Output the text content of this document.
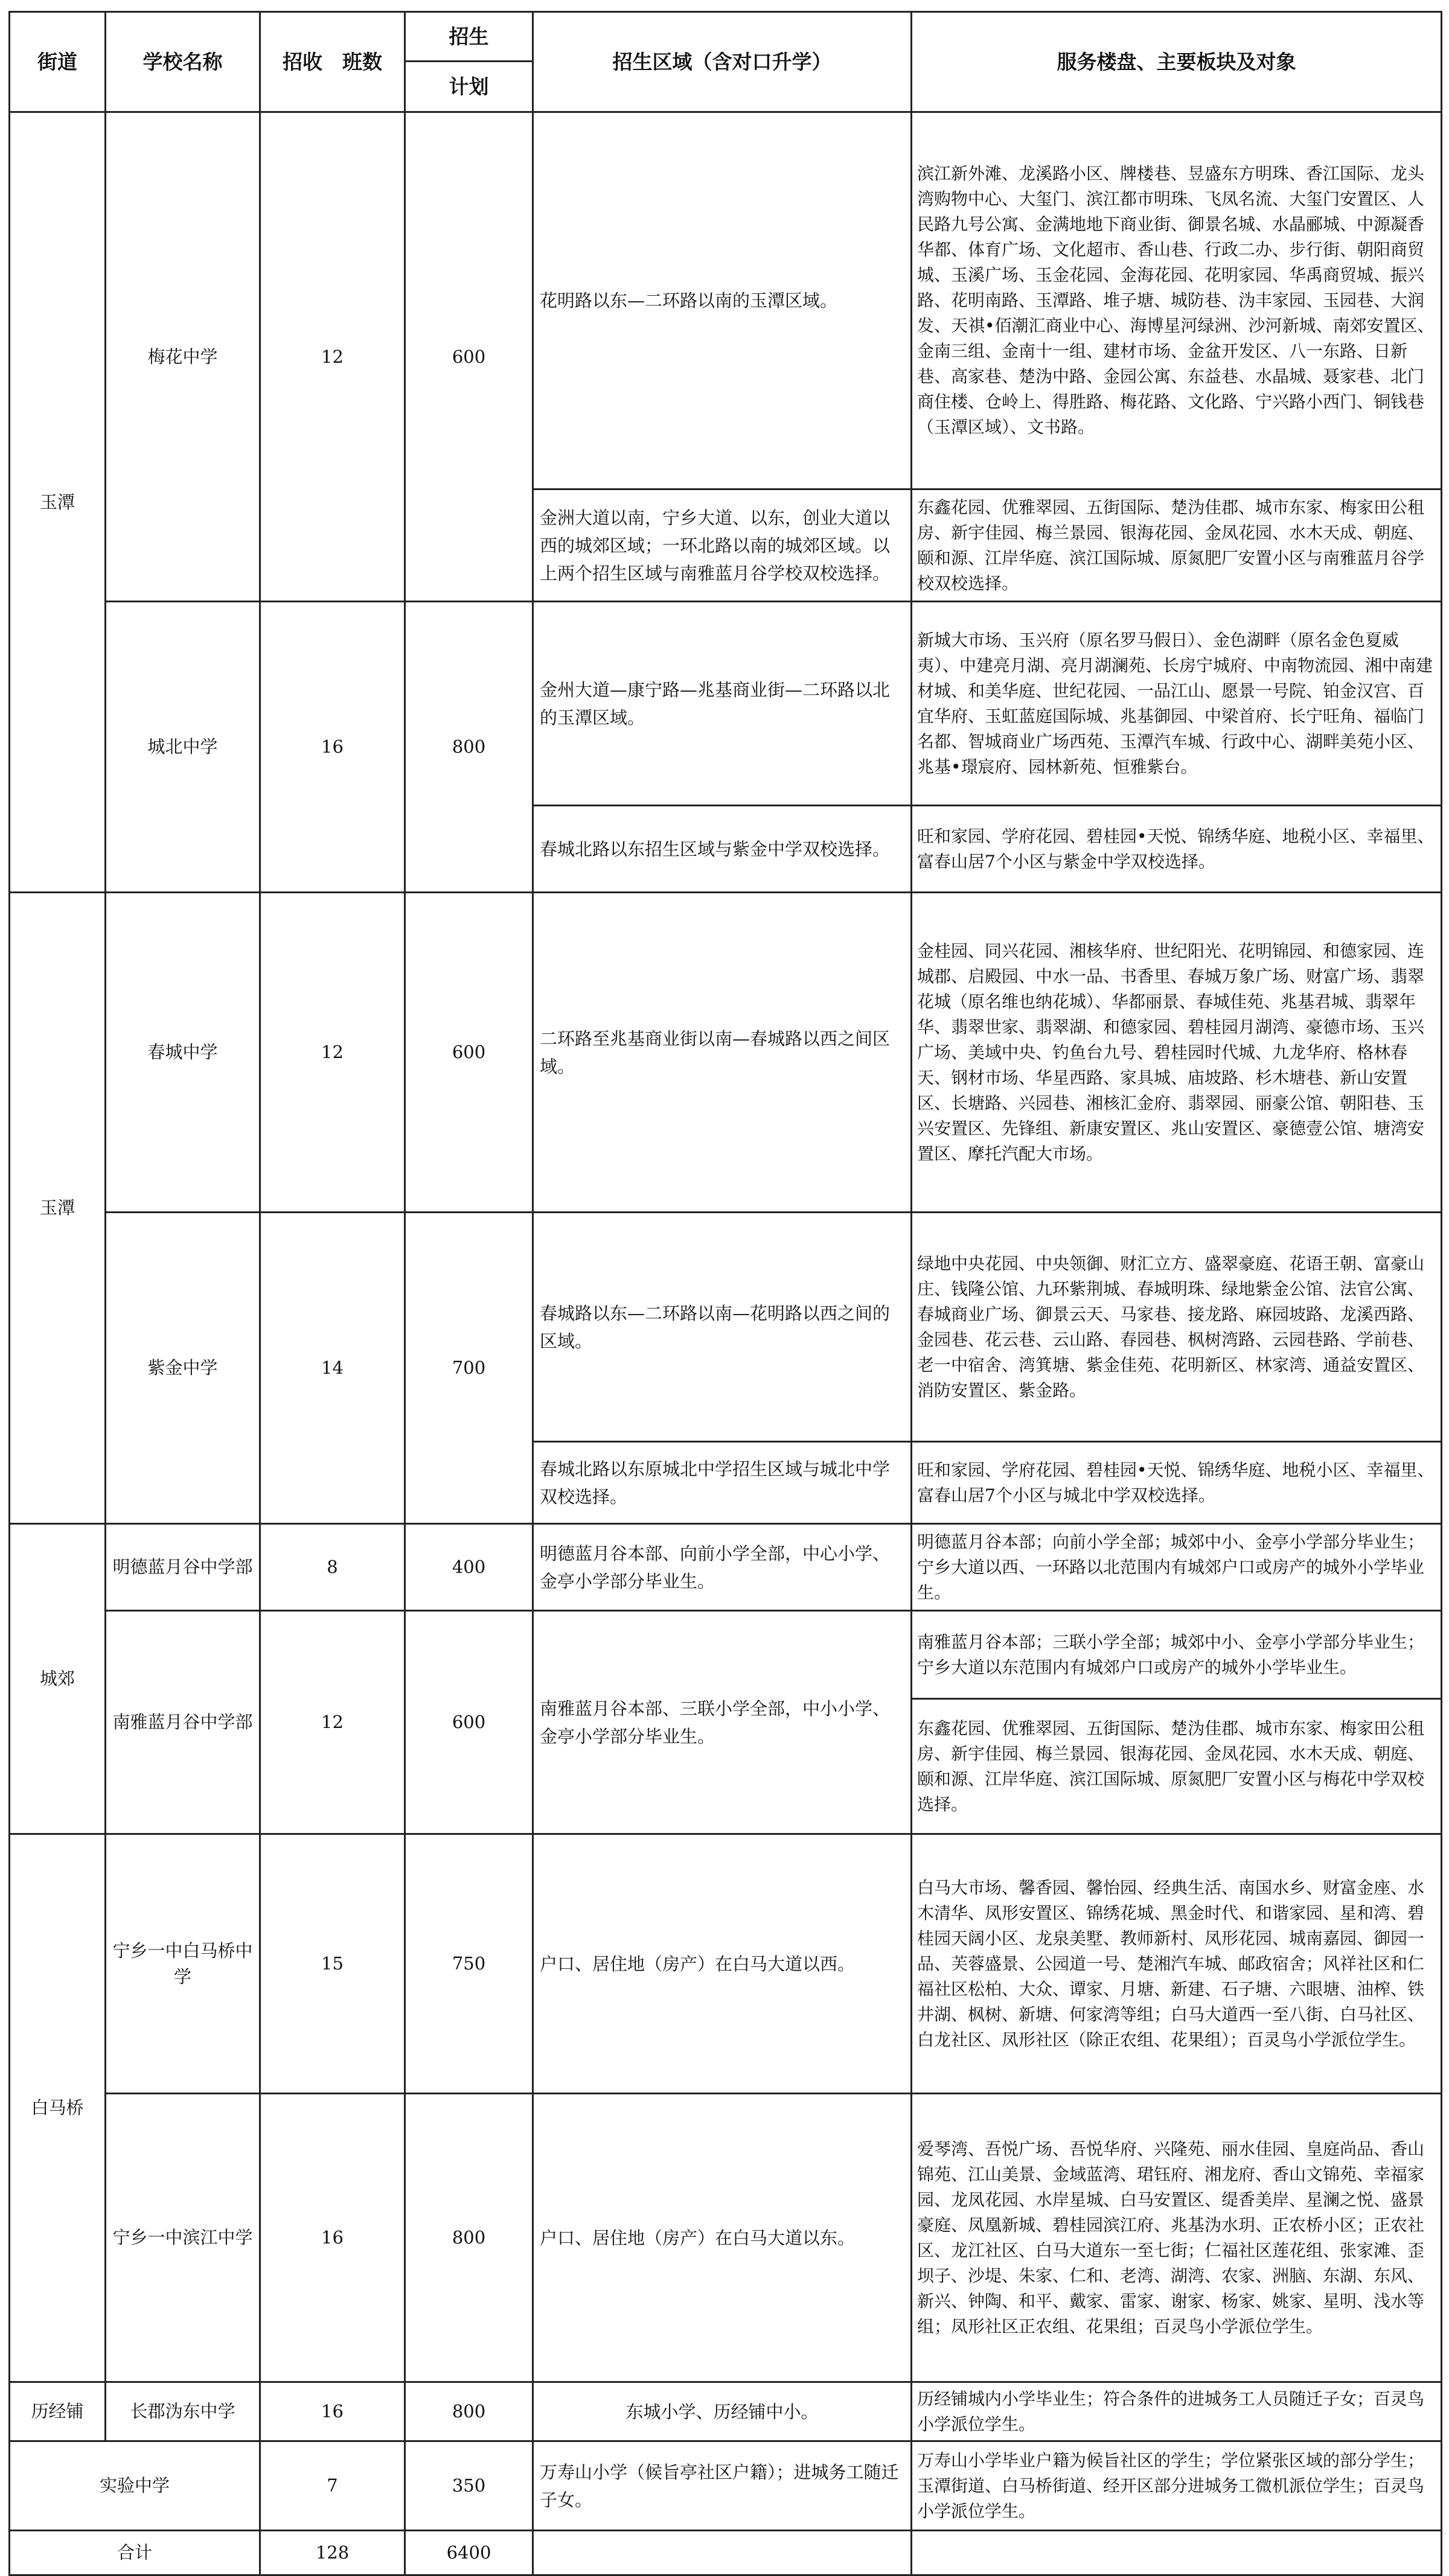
街道	学校名称	招收　班数	招生	招生区域（含对口升学）	服务楼盘、主要板块及对象
			计划		
玉潭	梅花中学	12	600	花明路以东—二环路以南的玉潭区域。	滨江新外滩、龙溪路小区、牌楼巷、昱盛东方明珠、香江国际、龙头湾购物中心、大玺门、滨江都市明珠、飞凤名流、大玺门安置区、人民路九号公寓、金满地地下商业街、御景名城、水晶郦城、中源凝香华都、体育广场、文化超市、香山巷、行政二办、步行街、朝阳商贸城、玉溪广场、玉金花园、金海花园、花明家园、华禹商贸城、振兴路、花明南路、玉潭路、堆子塘、城防巷、沩丰家园、玉园巷、大润发、天祺•佰潮汇商业中心、海博星河绿洲、沙河新城、南郊安置区、金南三组、金南十一组、建材市场、金盆开发区、八一东路、日新巷、高家巷、楚沩中路、金园公寓、东益巷、水晶城、聂家巷、北门商住楼、仓岭上、得胜路、梅花路、文化路、宁兴路小西门、铜钱巷（玉潭区域）、文书路。
				金洲大道以南，宁乡大道、以东，创业大道以西的城郊区域；一环北路以南的城郊区域。以上两个招生区域与南雅蓝月谷学校双校选择。	东鑫花园、优雅翠园、五街国际、楚沩佳郡、城市东家、梅家田公租房、新宇佳园、梅兰景园、银海花园、金凤花园、水木天成、朝庭、颐和源、江岸华庭、滨江国际城、原氮肥厂安置小区与南雅蓝月谷学校双校选择。
	城北中学	16	800	金州大道—康宁路—兆基商业街—二环路以北的玉潭区域。	新城大市场、玉兴府（原名罗马假日）、金色湖畔（原名金色夏威夷）、中建亮月湖、亮月湖澜苑、长房宁城府、中南物流园、湘中南建材城、和美华庭、世纪花园、一品江山、愿景一号院、铂金汉宫、百宜华府、玉虹蓝庭国际城、兆基御园、中梁首府、长宁旺角、福临门名都、智城商业广场西苑、玉潭汽车城、行政中心、湖畔美苑小区、兆基•璟宸府、园林新苑、恒雅紫台。
				春城北路以东招生区域与紫金中学双校选择。	旺和家园、学府花园、碧桂园•天悦、锦绣华庭、地税小区、幸福里、富春山居7个小区与紫金中学双校选择。
玉潭	春城中学	12	600	二环路至兆基商业街以南—春城路以西之间区域。	金桂园、同兴花园、湘核华府、世纪阳光、花明锦园、和德家园、连城郡、启殿园、中水一品、书香里、春城万象广场、财富广场、翡翠花城（原名维也纳花城）、华都丽景、春城佳苑、兆基君城、翡翠年华、翡翠世家、翡翠湖、和德家园、碧桂园月湖湾、豪德市场、玉兴广场、美域中央、钓鱼台九号、碧桂园时代城、九龙华府、格林春天、钢材市场、华星西路、家具城、庙坡路、杉木塘巷、新山安置区、长塘路、兴园巷、湘核汇金府、翡翠园、丽豪公馆、朝阳巷、玉兴安置区、先锋组、新康安置区、兆山安置区、豪德壹公馆、塘湾安置区、摩托汽配大市场。
	紫金中学	14	700	春城路以东—二环路以南—花明路以西之间的区域。	绿地中央花园、中央领御、财汇立方、盛翠豪庭、花语王朝、富豪山庄、钱隆公馆、九环紫荆城、春城明珠、绿地紫金公馆、法官公寓、春城商业广场、御景云天、马家巷、接龙路、麻园坡路、龙溪西路、金园巷、花云巷、云山路、春园巷、枫树湾路、云园巷路、学前巷、老一中宿舍、湾箕塘、紫金佳苑、花明新区、林家湾、通益安置区、消防安置区、紫金路。
				春城北路以东原城北中学招生区域与城北中学双校选择。	旺和家园、学府花园、碧桂园•天悦、锦绣华庭、地税小区、幸福里、富春山居7个小区与城北中学双校选择。
城郊	明德蓝月谷中学部	8	400	明德蓝月谷本部、向前小学全部，中心小学、金亭小学部分毕业生。	明德蓝月谷本部；向前小学全部；城郊中小、金亭小学部分毕业生；宁乡大道以西、一环路以北范围内有城郊户口或房产的城外小学毕业生。
	南雅蓝月谷中学部	12	600	南雅蓝月谷本部、三联小学全部，中小小学、金亭小学部分毕业生。	南雅蓝月谷本部；三联小学全部；城郊中小、金亭小学部分毕业生；宁乡大道以东范围内有城郊户口或房产的城外小学毕业生。
					东鑫花园、优雅翠园、五街国际、楚沩佳郡、城市东家、梅家田公租房、新宇佳园、梅兰景园、银海花园、金凤花园、水木天成、朝庭、颐和源、江岸华庭、滨江国际城、原氮肥厂安置小区与梅花中学双校选择。
白马桥	宁乡一中白马桥中学	15	750	户口、居住地（房产）在白马大道以西。	白马大市场、馨香园、馨怡园、经典生活、南国水乡、财富金座、水木清华、凤形安置区、锦绣花城、黑金时代、和谐家园、星和湾、碧桂园天阔小区、龙泉美墅、教师新村、凤形花园、城南嘉园、御园一品、芙蓉盛景、公园道一号、楚湘汽车城、邮政宿舍；风祥社区和仁福社区松柏、大众、谭家、月塘、新建、石子塘、六眼塘、油榨、铁井湖、枫树、新塘、何家湾等组；白马大道西一至八街、白马社区、白龙社区、凤形社区（除正农组、花果组）；百灵鸟小学派位学生。
	宁乡一中滨江中学	16	800	户口、居住地（房产）在白马大道以东。	爱琴湾、吾悦广场、吾悦华府、兴隆苑、丽水佳园、皇庭尚品、香山锦苑、江山美景、金域蓝湾、珺钰府、湘龙府、香山文锦苑、幸福家园、龙凤花园、水岸星城、白马安置区、缇香美岸、星澜之悦、盛景豪庭、凤凰新城、碧桂园滨江府、兆基沩水玥、正农桥小区；正农社区、龙江社区、白马大道东一至七街；仁福社区莲花组、张家滩、歪坝子、沙堤、朱家、仁和、老湾、湖湾、农家、洲脑、东湖、东风、新兴、钟陶、和平、戴家、雷家、谢家、杨家、姚家、星明、浅水等组；凤形社区正农组、花果组；百灵鸟小学派位学生。
历经铺	长郡沩东中学	16	800	东城小学、历经铺中小。	历经铺城内小学毕业生；符合条件的进城务工人员随迁子女；百灵鸟小学派位学生。
实验中学		7	350	万寿山小学（候旨亭社区户籍）；进城务工随迁子女。	万寿山小学毕业户籍为候旨社区的学生；学位紧张区域的部分学生；玉潭街道、白马桥街道、经开区部分进城务工微机派位学生；百灵鸟小学派位学生。
合计		128	6400		
